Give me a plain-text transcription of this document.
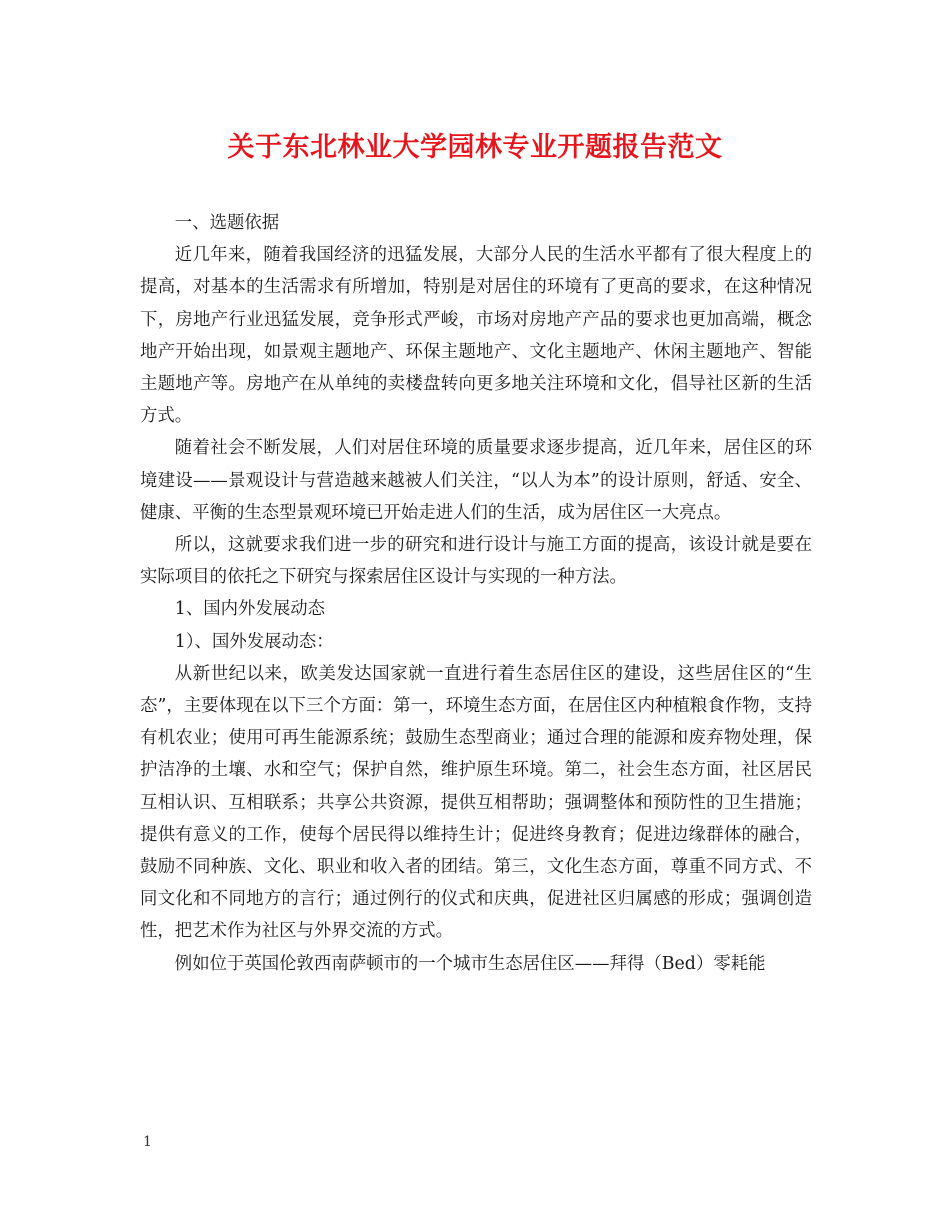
关于东北林业大学园林专业开题报告范文

一、选题依据

近几年来，随着我国经济的迅猛发展，大部分人民的生活水平都有了很大程度上的提高，对基本的生活需求有所增加，特别是对居住的环境有了更高的要求，在这种情况下，房地产行业迅猛发展，竞争形式严峻，市场对房地产产品的要求也更加高端，概念地产开始出现，如景观主题地产、环保主题地产、文化主题地产、休闲主题地产、智能主题地产等。房地产在从单纯的卖楼盘转向更多地关注环境和文化，倡导社区新的生活方式。

随着社会不断发展，人们对居住环境的质量要求逐步提高，近几年来，居住区的环境建设——景观设计与营造越来越被人们关注，“以人为本”的设计原则，舒适、安全、健康、平衡的生态型景观环境已开始走进人们的生活，成为居住区一大亮点。

所以，这就要求我们进一步的研究和进行设计与施工方面的提高，该设计就是要在实际项目的依托之下研究与探索居住区设计与实现的一种方法。

1、国内外发展动态

1）、国外发展动态：

从新世纪以来，欧美发达国家就一直进行着生态居住区的建设，这些居住区的“生态”，主要体现在以下三个方面：第一，环境生态方面，在居住区内种植粮食作物，支持有机农业；使用可再生能源系统；鼓励生态型商业；通过合理的能源和废弃物处理，保护洁净的土壤、水和空气；保护自然，维护原生环境。第二，社会生态方面，社区居民互相认识、互相联系；共享公共资源，提供互相帮助；强调整体和预防性的卫生措施；提供有意义的工作，使每个居民得以维持生计；促进终身教育；促进边缘群体的融合，鼓励不同种族、文化、职业和收入者的团结。第三，文化生态方面，尊重不同方式、不同文化和不同地方的言行；通过例行的仪式和庆典，促进社区归属感的形成；强调创造性，把艺术作为社区与外界交流的方式。

例如位于英国伦敦西南萨顿市的一个城市生态居住区——拜得（Bed）零耗能

1
